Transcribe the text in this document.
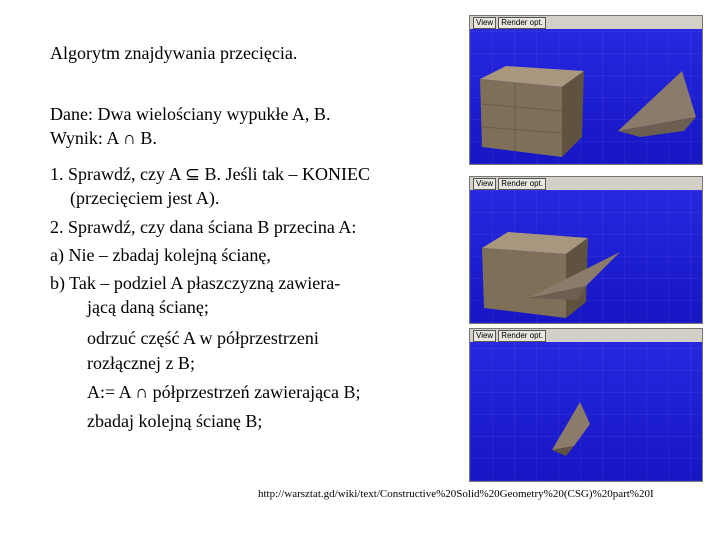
Algorytm znajdywania przecięcia.
Dane: Dwa wielościany wypukłe A, B.
Wynik: A ∩ B.
1. Sprawdź, czy A ⊆ B. Jeśli tak – KONIEC
(przecięciem jest A).
2. Sprawdź, czy dana ściana B przecina A:
a) Nie – zbadaj kolejną ścianę,
b) Tak – podziel A płaszczyzną zawiera-
jącą daną ścianę;
odrzuć część A w półprzestrzeni
rozłącznej z B;
A:= A ∩ półprzestrzeń zawierająca B;
zbadaj kolejną ścianę B;
View	Render opt.
View	Render opt.
View	Render opt.
http://warsztat.gd/wiki/text/Constructive%20Solid%20Geometry%20(CSG)%20part%20I
